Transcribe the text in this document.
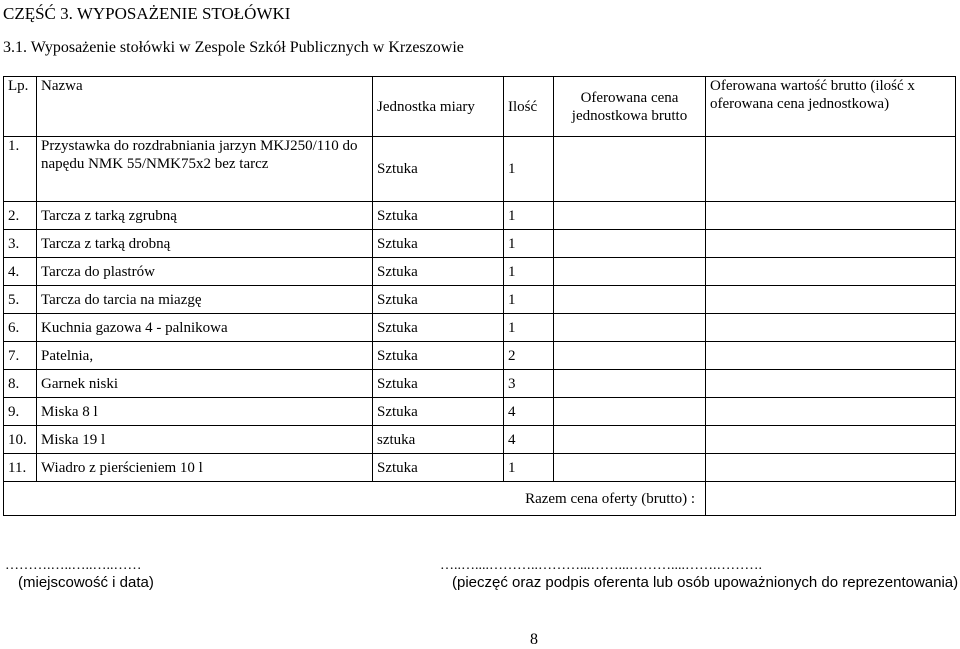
CZĘŚĆ 3. WYPOSAŻENIE STOŁÓWKI
3.1. Wyposażenie stołówki w Zespole Szkół Publicznych w Krzeszowie
Lp.	Nazwa	Jednostka miary	Ilość	Oferowana cena jednostkowa brutto	Oferowana wartość brutto (ilość x oferowana cena jednostkowa)
1.	Przystawka do rozdrabniania jarzyn MKJ250/110 do napędu NMK 55/NMK75x2 bez tarcz	Sztuka	1		
2.	Tarcza z tarką zgrubną	Sztuka	1		
3.	Tarcza z tarką drobną	Sztuka	1		
4.	Tarcza do plastrów	Sztuka	1		
5.	Tarcza do tarcia na miazgę	Sztuka	1		
6.	Kuchnia gazowa 4 - palnikowa	Sztuka	1		
7.	Patelnia,	Sztuka	2		
8.	Garnek niski	Sztuka	3		
9.	Miska 8 l	Sztuka	4		
10.	Miska 19 l	sztuka	4		
11.	Wiadro z pierścieniem 10 l	Sztuka	1		
Razem cena oferty (brutto) :					
……….…..…..…..……
(miejscowość i data)
…..…....………..………...……...………....…….……….
(pieczęć oraz podpis oferenta lub osób upoważnionych do reprezentowania)
8
